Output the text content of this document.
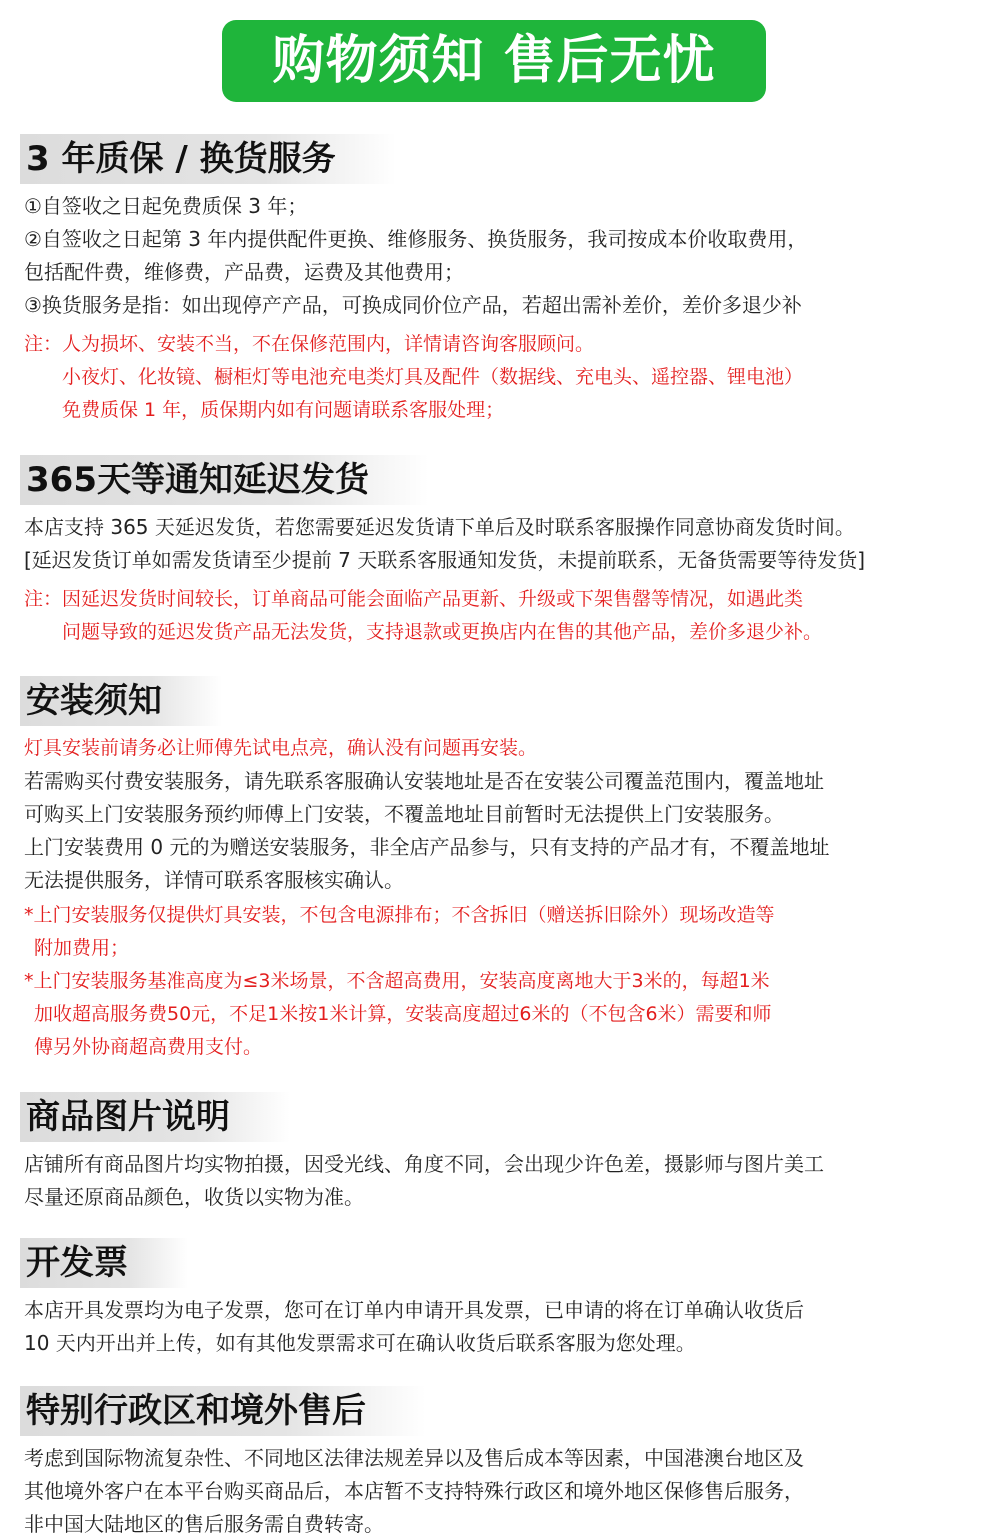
购物须知 售后无忧
3 年质保 / 换货服务
①自签收之日起免费质保 3 年；
②自签收之日起第 3 年内提供配件更换、维修服务、换货服务，我司按成本价收取费用，
包括配件费，维修费，产品费，运费及其他费用；
③换货服务是指：如出现停产产品，可换成同价位产品，若超出需补差价，差价多退少补
注：人为损坏、安装不当，不在保修范围内，详情请咨询客服顾问。
小夜灯、化妆镜、橱柜灯等电池充电类灯具及配件（数据线、充电头、遥控器、锂电池）
免费质保 1 年，质保期内如有问题请联系客服处理；
365天等通知延迟发货
本店支持 365 天延迟发货，若您需要延迟发货请下单后及时联系客服操作同意协商发货时间。
[延迟发货订单如需发货请至少提前 7 天联系客服通知发货，未提前联系，无备货需要等待发货]
注：因延迟发货时间较长，订单商品可能会面临产品更新、升级或下架售罄等情况，如遇此类
问题导致的延迟发货产品无法发货，支持退款或更换店内在售的其他产品，差价多退少补。
安装须知
灯具安装前请务必让师傅先试电点亮，确认没有问题再安装。
若需购买付费安装服务，请先联系客服确认安装地址是否在安装公司覆盖范围内，覆盖地址
可购买上门安装服务预约师傅上门安装，不覆盖地址目前暂时无法提供上门安装服务。
上门安装费用 0 元的为赠送安装服务，非全店产品参与，只有支持的产品才有，不覆盖地址
无法提供服务，详情可联系客服核实确认。
*上门安装服务仅提供灯具安装，不包含电源排布；不含拆旧（赠送拆旧除外）现场改造等
附加费用；
*上门安装服务基准高度为≤3米场景，不含超高费用，安装高度离地大于3米的，每超1米
加收超高服务费50元，不足1米按1米计算，安装高度超过6米的（不包含6米）需要和师
傅另外协商超高费用支付。
商品图片说明
店铺所有商品图片均实物拍摄，因受光线、角度不同，会出现少许色差，摄影师与图片美工
尽量还原商品颜色，收货以实物为准。
开发票
本店开具发票均为电子发票，您可在订单内申请开具发票，已申请的将在订单确认收货后
10 天内开出并上传，如有其他发票需求可在确认收货后联系客服为您处理。
特别行政区和境外售后
考虑到国际物流复杂性、不同地区法律法规差异以及售后成本等因素，中国港澳台地区及
其他境外客户在本平台购买商品后，本店暂不支持特殊行政区和境外地区保修售后服务，
非中国大陆地区的售后服务需自费转寄。
